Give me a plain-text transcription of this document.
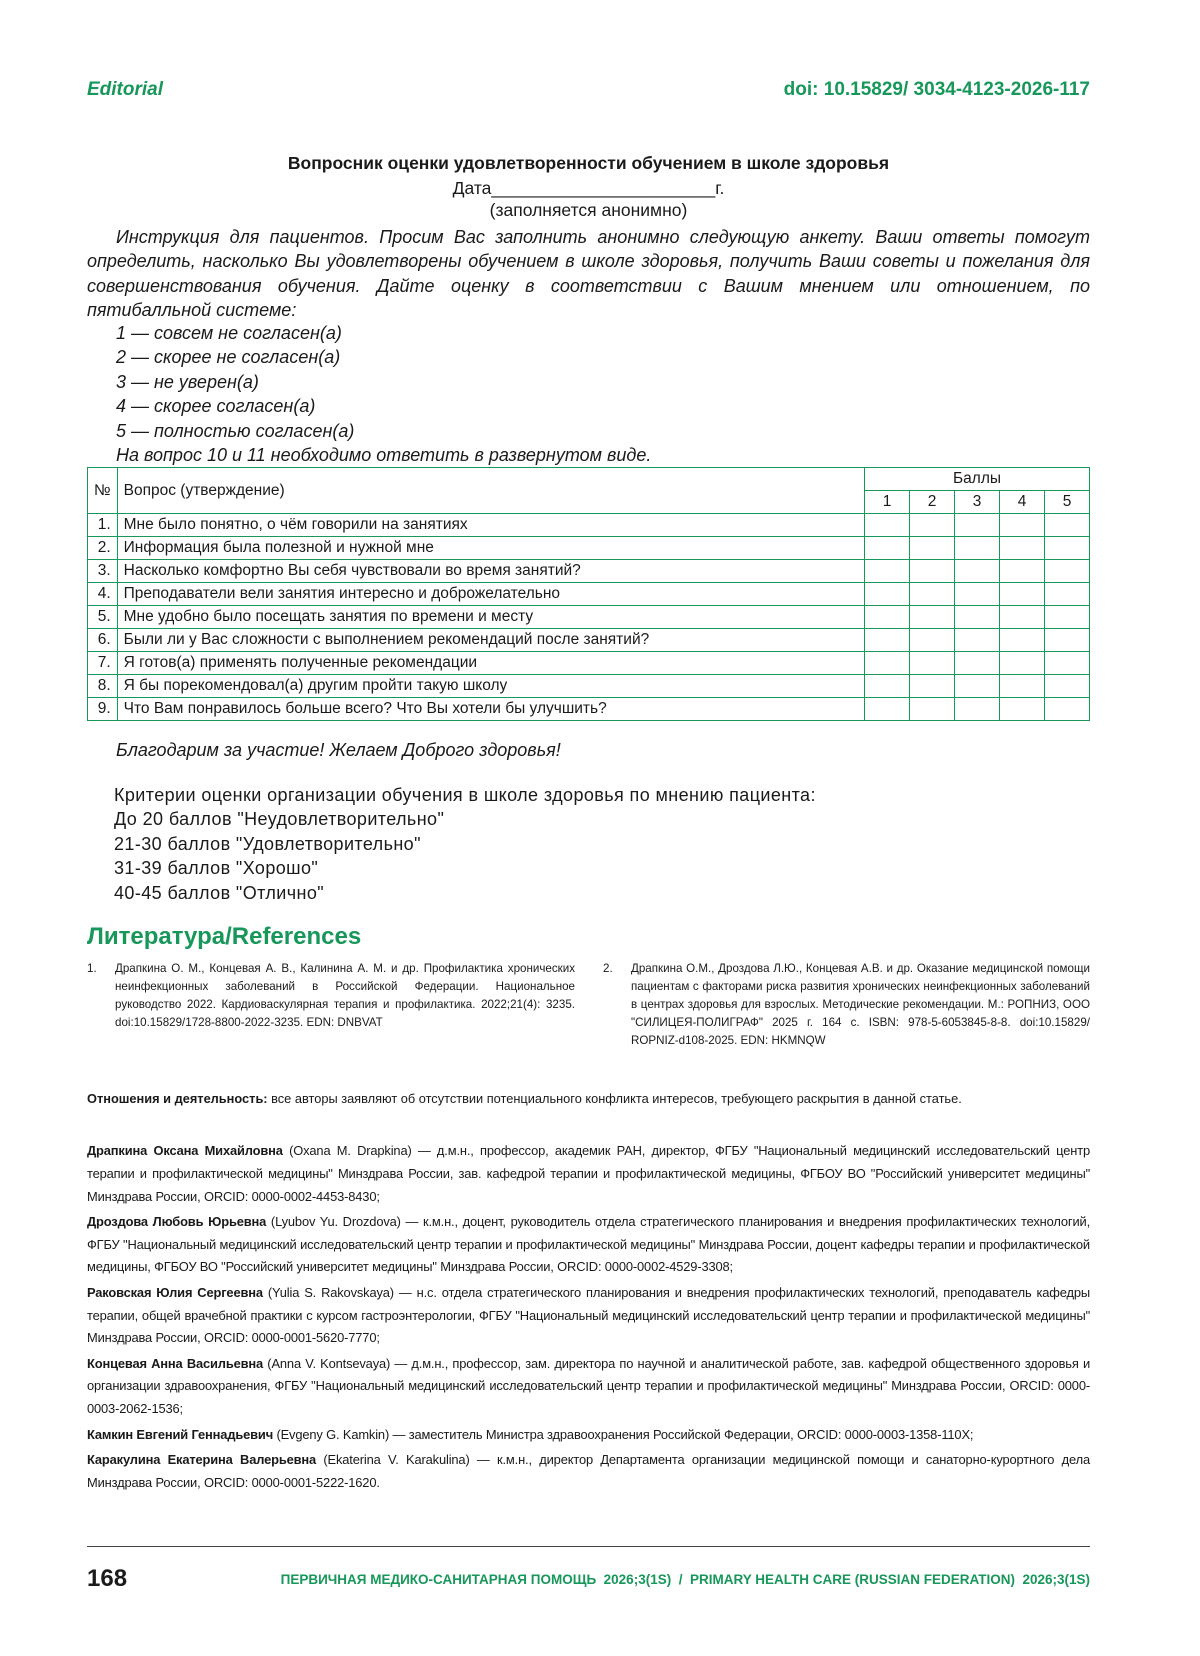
Editorial	doi: 10.15829/ 3034-4123-2026-117
Вопросник оценки удовлетворенности обучением в школе здоровья
Дата_______________________г.
(заполняется анонимно)

Инструкция для пациентов. Просим Вас заполнить анонимно следующую анкету. Ваши ответы помогут определить, насколько Вы удовлетворены обучением в школе здоровья, получить Ваши советы и пожелания для совершенствования обучения. Дайте оценку в соответствии с Вашим мнением или отношением, по пятибалльной системе:

1 — совсем не согласен(а)
2 — скорее не согласен(а)
3 — не уверен(а)
4 — скорее согласен(а)
5 — полностью согласен(а)
На вопрос 10 и 11 необходимо ответить в развернутом виде.
№	Вопрос (утверждение)	Баллы				
		1	2	3	4	5
1.	Мне было понятно, о чём говорили на занятиях					
2.	Информация была полезной и нужной мне					
3.	Насколько комфортно Вы себя чувствовали во время занятий?					
4.	Преподаватели вели занятия интересно и доброжелательно					
5.	Мне удобно было посещать занятия по времени и месту					
6.	Были ли у Вас сложности с выполнением рекомендаций после занятий?					
7.	Я готов(а) применять полученные рекомендации					
8.	Я бы порекомендовал(а) другим пройти такую школу					
9.	Что Вам понравилось больше всего? Что Вы хотели бы улучшить?					
Благодарим за участие! Желаем Доброго здоровья!
Критерии оценки организации обучения в школе здоровья по мнению пациента:
До 20 баллов "Неудовлетворительно"
21-30 баллов "Удовлетворительно"
31-39 баллов "Хорошо"
40-45 баллов "Отлично"
Литература/References
1. Драпкина О. М., Концевая А. В., Калинина А. М. и др. Профилактика хронических неинфекционных заболеваний в Российской Федерации. Национальное руководство 2022. Кардиоваскулярная терапия и профилактика. 2022;21(4): 3235. doi:10.15829/1728-8800-2022-3235. EDN: DNBVAT
2. Драпкина О.М., Дроздова Л.Ю., Концевая А.В. и др. Оказание медицинской помощи пациентам с факторами риска развития хронических неинфекционных заболеваний в центрах здоровья для взрослых. Методические рекомендации. М.: РОПНИЗ, ООО "СИЛИЦЕЯ-ПОЛИГРАФ" 2025 г. 164 с. ISBN: 978-5-6053845-8-8. doi:10.15829/ ROPNIZ-d108-2025. EDN: HKMNQW
Отношения и деятельность: все авторы заявляют об отсутствии потенциального конфликта интересов, требующего раскрытия в данной статье.

Драпкина Оксана Михайловна (Oxana M. Drapkina) — д.м.н., профессор, академик РАН, директор, ФГБУ "Национальный медицинский исследовательский центр терапии и профилактической медицины" Минздрава России, зав. кафедрой терапии и профилактической медицины, ФГБОУ ВО "Российский университет медицины" Минздрава России, ORCID: 0000-0002-4453-8430;

Дроздова Любовь Юрьевна (Lyubov Yu. Drozdova) — к.м.н., доцент, руководитель отдела стратегического планирования и внедрения профилактических технологий, ФГБУ "Национальный медицинский исследовательский центр терапии и профилактической медицины" Минздрава России, доцент кафедры терапии и профилактической медицины, ФГБОУ ВО "Российский университет медицины" Минздрава России, ORCID: 0000-0002-4529-3308;

Раковская Юлия Сергеевна (Yulia S. Rakovskaya) — н.с. отдела стратегического планирования и внедрения профилактических технологий, преподаватель кафедры терапии, общей врачебной практики с курсом гастроэнтерологии, ФГБУ "Национальный медицинский исследовательский центр терапии и профилактической медицины" Минздрава России, ORCID: 0000-0001-5620-7770;

Концевая Анна Васильевна (Anna V. Kontsevaya) — д.м.н., профессор, зам. директора по научной и аналитической работе, зав. кафедрой общественного здоровья и организации здравоохранения, ФГБУ "Национальный медицинский исследовательский центр терапии и профилактической медицины" Минздрава России, ORCID: 0000-0003-2062-1536;

Камкин Евгений Геннадьевич (Evgeny G. Kamkin) — заместитель Министра здравоохранения Российской Федерации, ORCID: 0000-0003-1358-110X;

Каракулина Екатерина Валерьевна (Ekaterina V. Karakulina) — к.м.н., директор Департамента организации медицинской помощи и санаторно-курортного дела Минздрава России, ORCID: 0000-0001-5222-1620.

168	ПЕРВИЧНАЯ МЕДИКО-САНИТАРНАЯ ПОМОЩЬ  2026;3(1S)  /  PRIMARY HEALTH CARE (RUSSIAN FEDERATION)  2026;3(1S)
